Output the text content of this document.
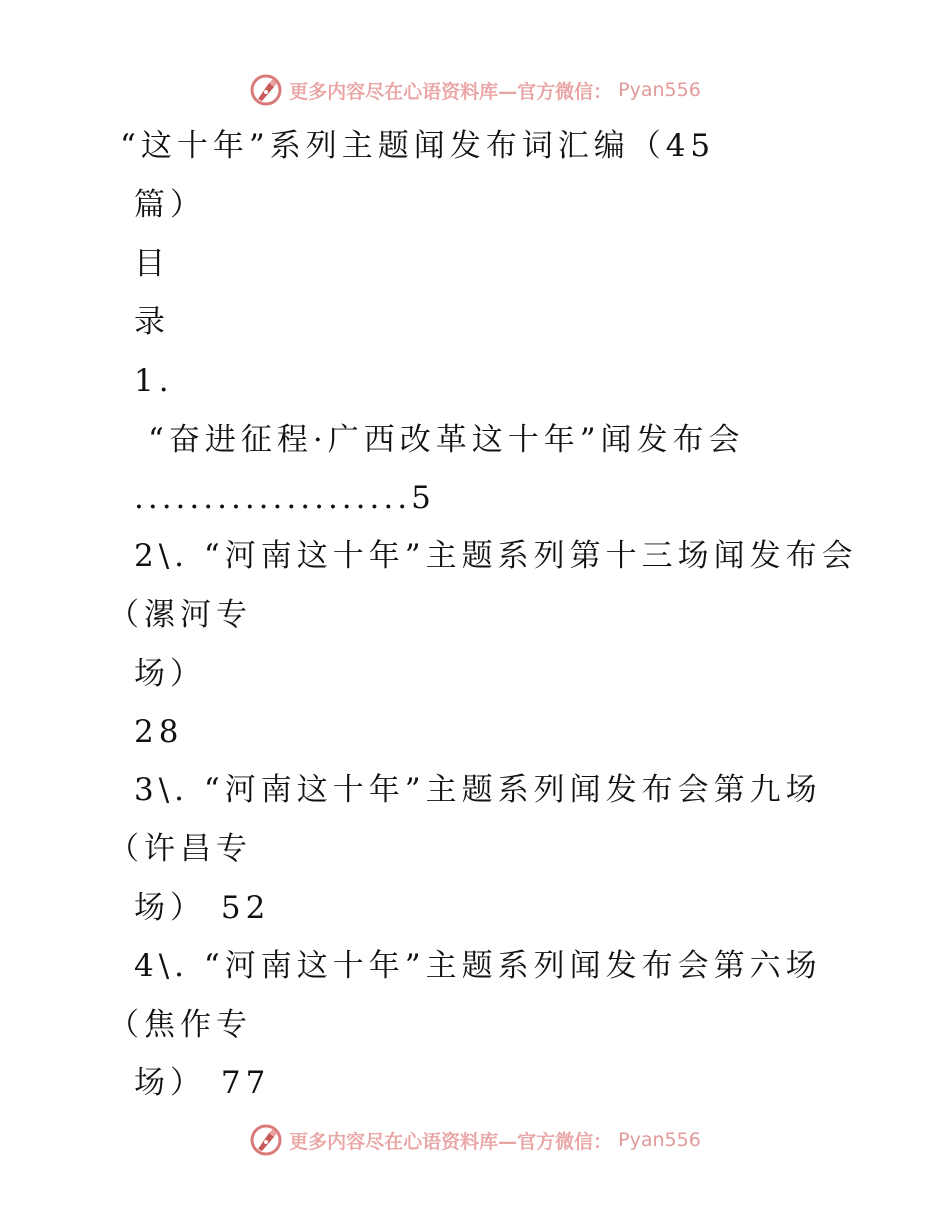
更多内容尽在心语资料库—官方微信： Pyan556
“这十年”系列主题闻发布词汇编（45
篇）
目
录
1.
“奋进征程·广西改革这十年”闻发布会
....................5
2\. “河南这十年”主题系列第十三场闻发布会
（漯河专
场）
28
3\. “河南这十年”主题系列闻发布会第九场
（许昌专
场） 52
4\. “河南这十年”主题系列闻发布会第六场
（焦作专
场） 77
更多内容尽在心语资料库—官方微信： Pyan556
